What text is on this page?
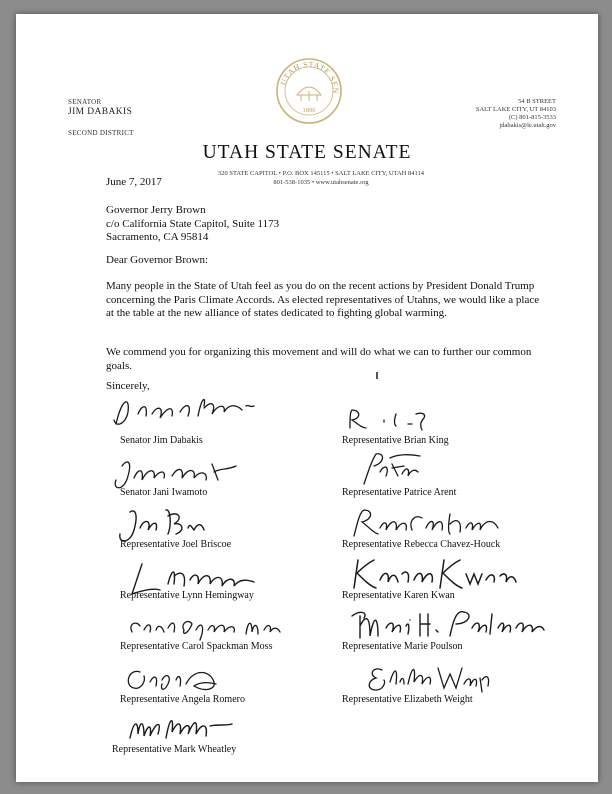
UTAH STATE SEN
1896
SENATOR
JIM DABAKIS
SECOND DISTRICT
54 B STREET
SALT LAKE CITY, UT 84103
(C) 801-815-3533
jdabakis@le.utah.gov
UTAH STATE SENATE
320 STATE CAPITOL • P.O. BOX 145115 • SALT LAKE CITY, UTAH 84114
801-538-1035 • www.utahsenate.org
June 7, 2017
Governor Jerry Brown
c/o California State Capitol, Suite 1173
Sacramento, CA 95814
Dear Governor Brown:
Many people in the State of Utah feel as you do on the recent actions by President Donald Trump concerning the Paris Climate Accords. As elected representatives of Utahns, we would like a place at the table at the new alliance of states dedicated to fighting global warming.
We commend you for organizing this movement and will do what we can to further our common goals.
Sincerely,
Senator Jim Dabakis
Senator Jani Iwamoto
Representative Joel Briscoe
Representative Lynn Hemingway
Representative Carol Spackman Moss
Representative Angela Romero
Representative Mark Wheatley
Representative Brian King
Representative Patrice Arent
Representative Rebecca Chavez-Houck
Representative Karen Kwan
Representative Marie Poulson
Representative Elizabeth Weight
